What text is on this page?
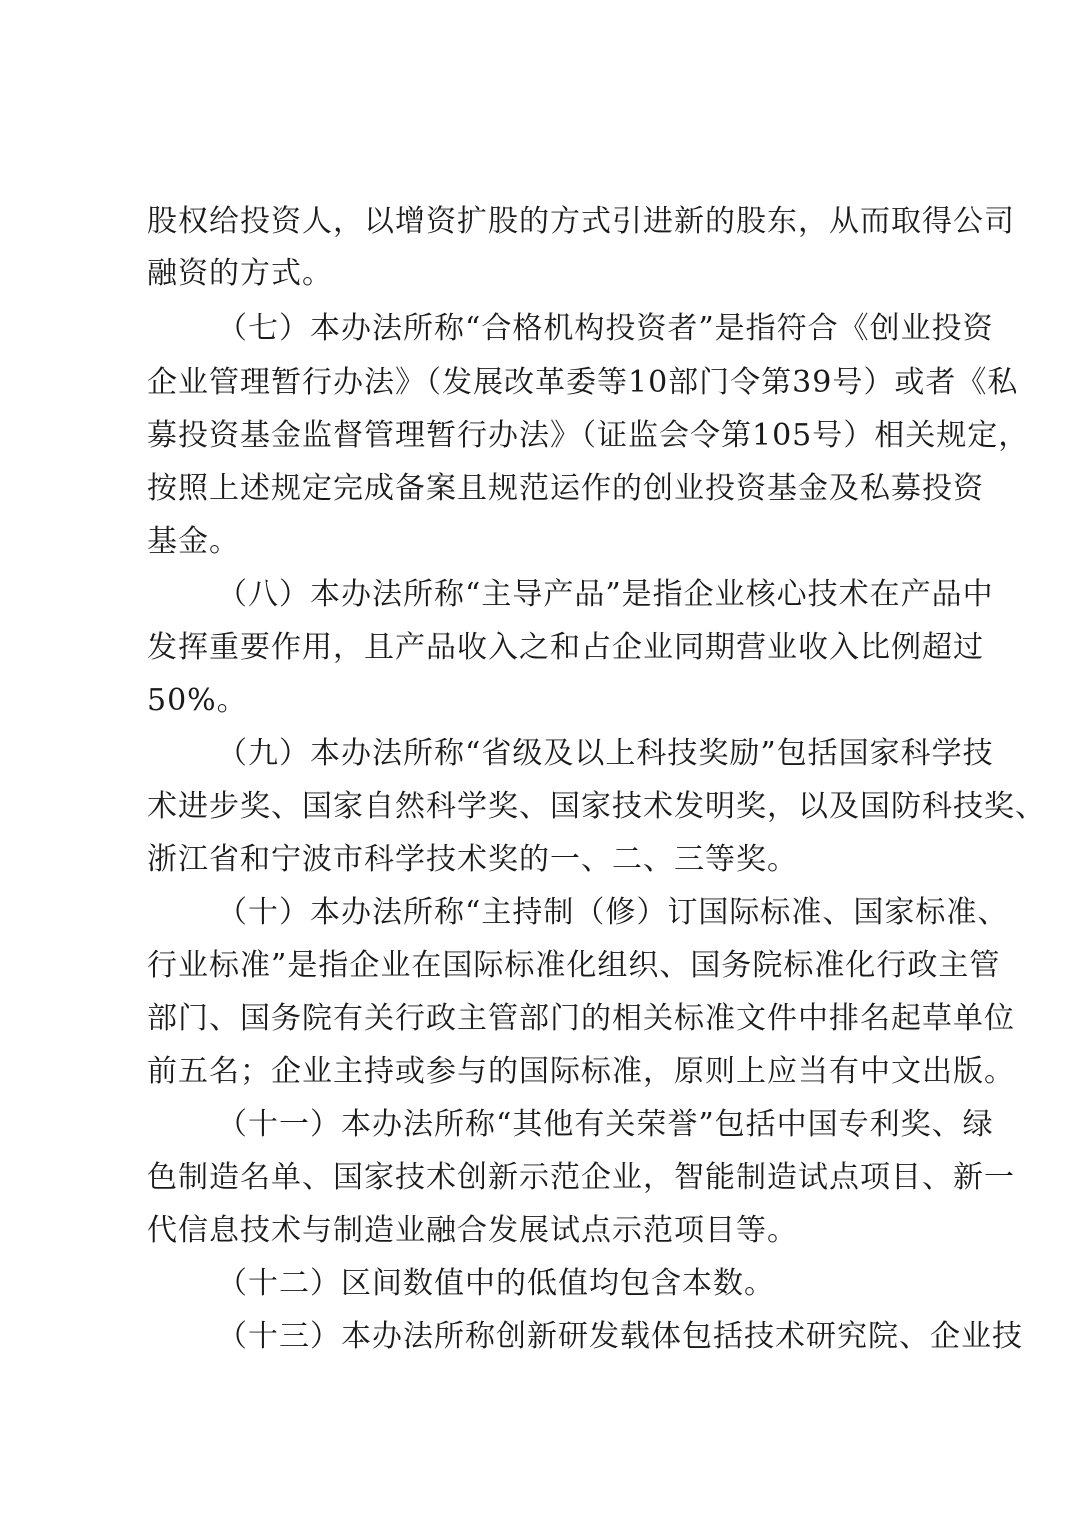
股权给投资人，以增资扩股的方式引进新的股东，从而取得公司
融资的方式。
（七）本办法所称“合格机构投资者”是指符合《创业投资
企业管理暂行办法》（发展改革委等10部门令第39号）或者《私
募投资基金监督管理暂行办法》（证监会令第105号）相关规定，
按照上述规定完成备案且规范运作的创业投资基金及私募投资
基金。
（八）本办法所称“主导产品”是指企业核心技术在产品中
发挥重要作用，且产品收入之和占企业同期营业收入比例超过
50%。
（九）本办法所称“省级及以上科技奖励”包括国家科学技
术进步奖、国家自然科学奖、国家技术发明奖，以及国防科技奖、
浙江省和宁波市科学技术奖的一、二、三等奖。
（十）本办法所称“主持制（修）订国际标准、国家标准、
行业标准”是指企业在国际标准化组织、国务院标准化行政主管
部门、国务院有关行政主管部门的相关标准文件中排名起草单位
前五名；企业主持或参与的国际标准，原则上应当有中文出版。
（十一）本办法所称“其他有关荣誉”包括中国专利奖、绿
色制造名单、国家技术创新示范企业，智能制造试点项目、新一
代信息技术与制造业融合发展试点示范项目等。
（十二）区间数值中的低值均包含本数。
（十三）本办法所称创新研发载体包括技术研究院、企业技
